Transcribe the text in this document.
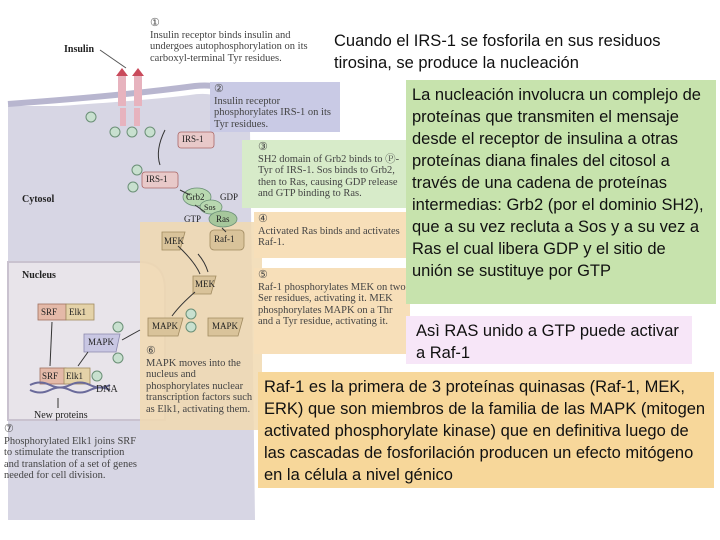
Insulin
Cytosol
Nucleus
IRS-1
IRS-1
Grb2 GDP
Sos
GTP Ras
MEK	Raf-1
MEK
MAPK	MAPK
MAPK
SRF Elk1
SRF Elk1
DNA
New proteins
①
Insulin receptor binds insulin and undergoes autophosphorylation on its carboxyl-terminal Tyr residues.
②
Insulin receptor phosphorylates IRS-1 on its Tyr residues.
③
SH2 domain of Grb2 binds to Ⓟ-Tyr of IRS-1. Sos binds to Grb2, then to Ras, causing GDP release and GTP binding to Ras.
④
Activated Ras binds and activates Raf-1.
⑤
Raf-1 phosphorylates MEK on two Ser residues, activating it. MEK phosphorylates MAPK on a Thr and a Tyr residue, activating it.
⑥
MAPK moves into the nucleus and phosphorylates nuclear transcription factors such as Elk1, activating them.
⑦
Phosphorylated Elk1 joins SRF to stimulate the transcription and translation of a set of genes needed for cell division.
Cuando el IRS-1 se fosforila en sus residuos tirosina, se produce la nucleación
La nucleación involucra un complejo de proteínas que transmiten el mensaje desde el receptor de insulina a otras proteínas diana finales del citosol a través de una cadena de proteínas intermedias: Grb2 (por el dominio SH2), que a su vez recluta a Sos y a su vez a Ras el cual libera GDP y el sitio de unión se sustituye por GTP
Asì RAS unido a GTP puede activar a Raf-1
Raf-1 es la primera de 3 proteínas quinasas (Raf-1, MEK, ERK) que son miembros de la familia de las MAPK (mitogen activated phosphorylate kinase) que en definitiva luego de las cascadas de fosforilación producen un efecto mitógeno en la célula a nivel génico
